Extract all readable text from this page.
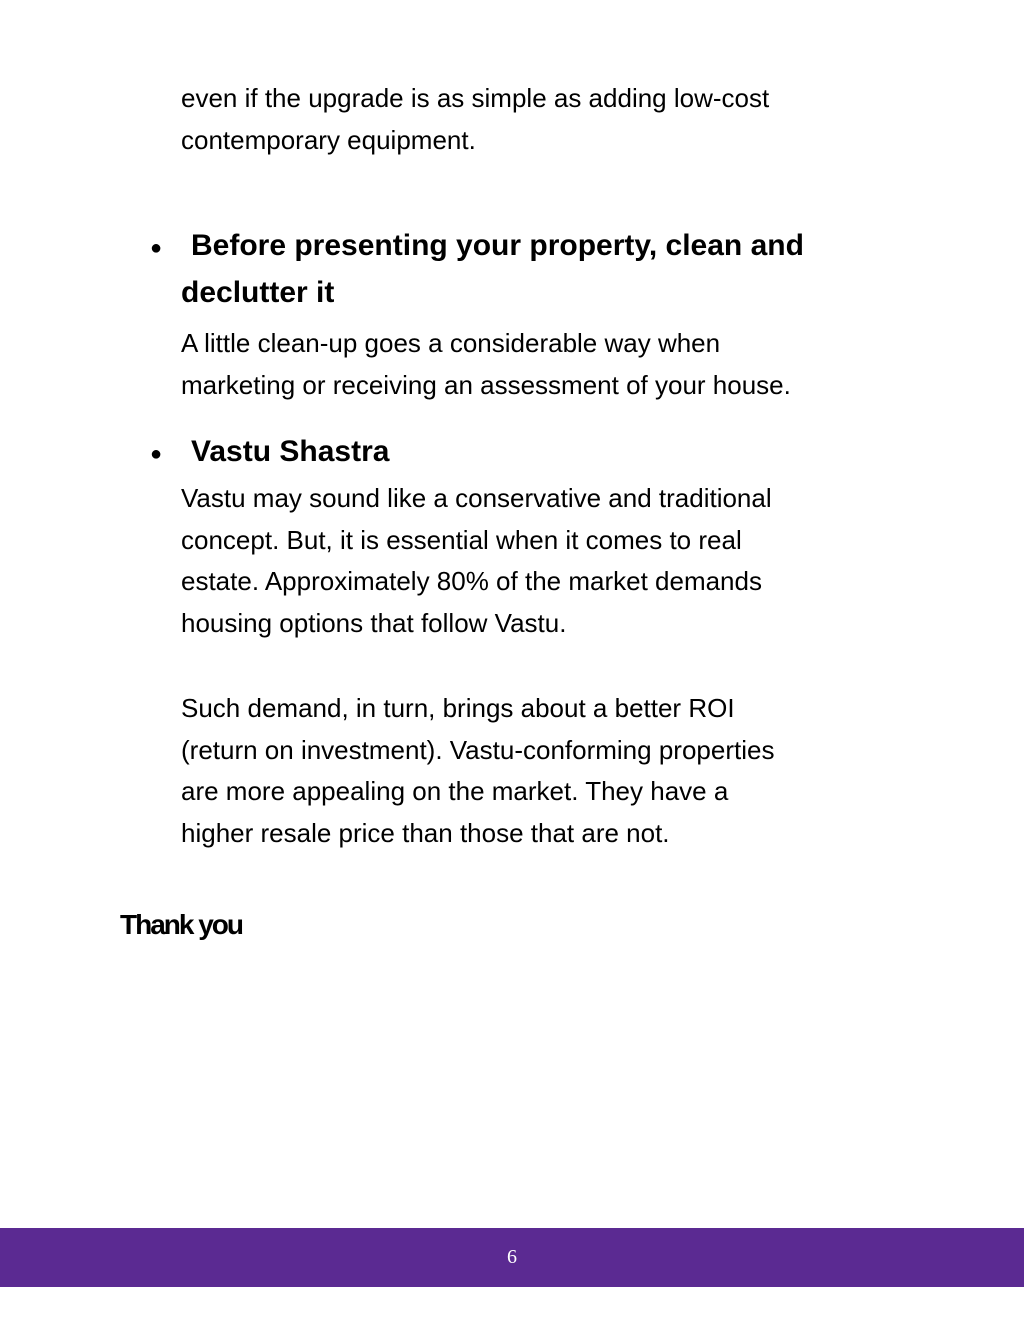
even if the upgrade is as simple as adding low-cost
contemporary equipment.

● Before presenting your property, clean and
declutter it

A little clean-up goes a considerable way when
marketing or receiving an assessment of your house.

● Vastu Shastra

Vastu may sound like a conservative and traditional
concept. But, it is essential when it comes to real
estate. Approximately 80% of the market demands
housing options that follow Vastu.

Such demand, in turn, brings about a better ROI
(return on investment). Vastu-conforming properties
are more appealing on the market. They have a
higher resale price than those that are not.

Thank you

6
